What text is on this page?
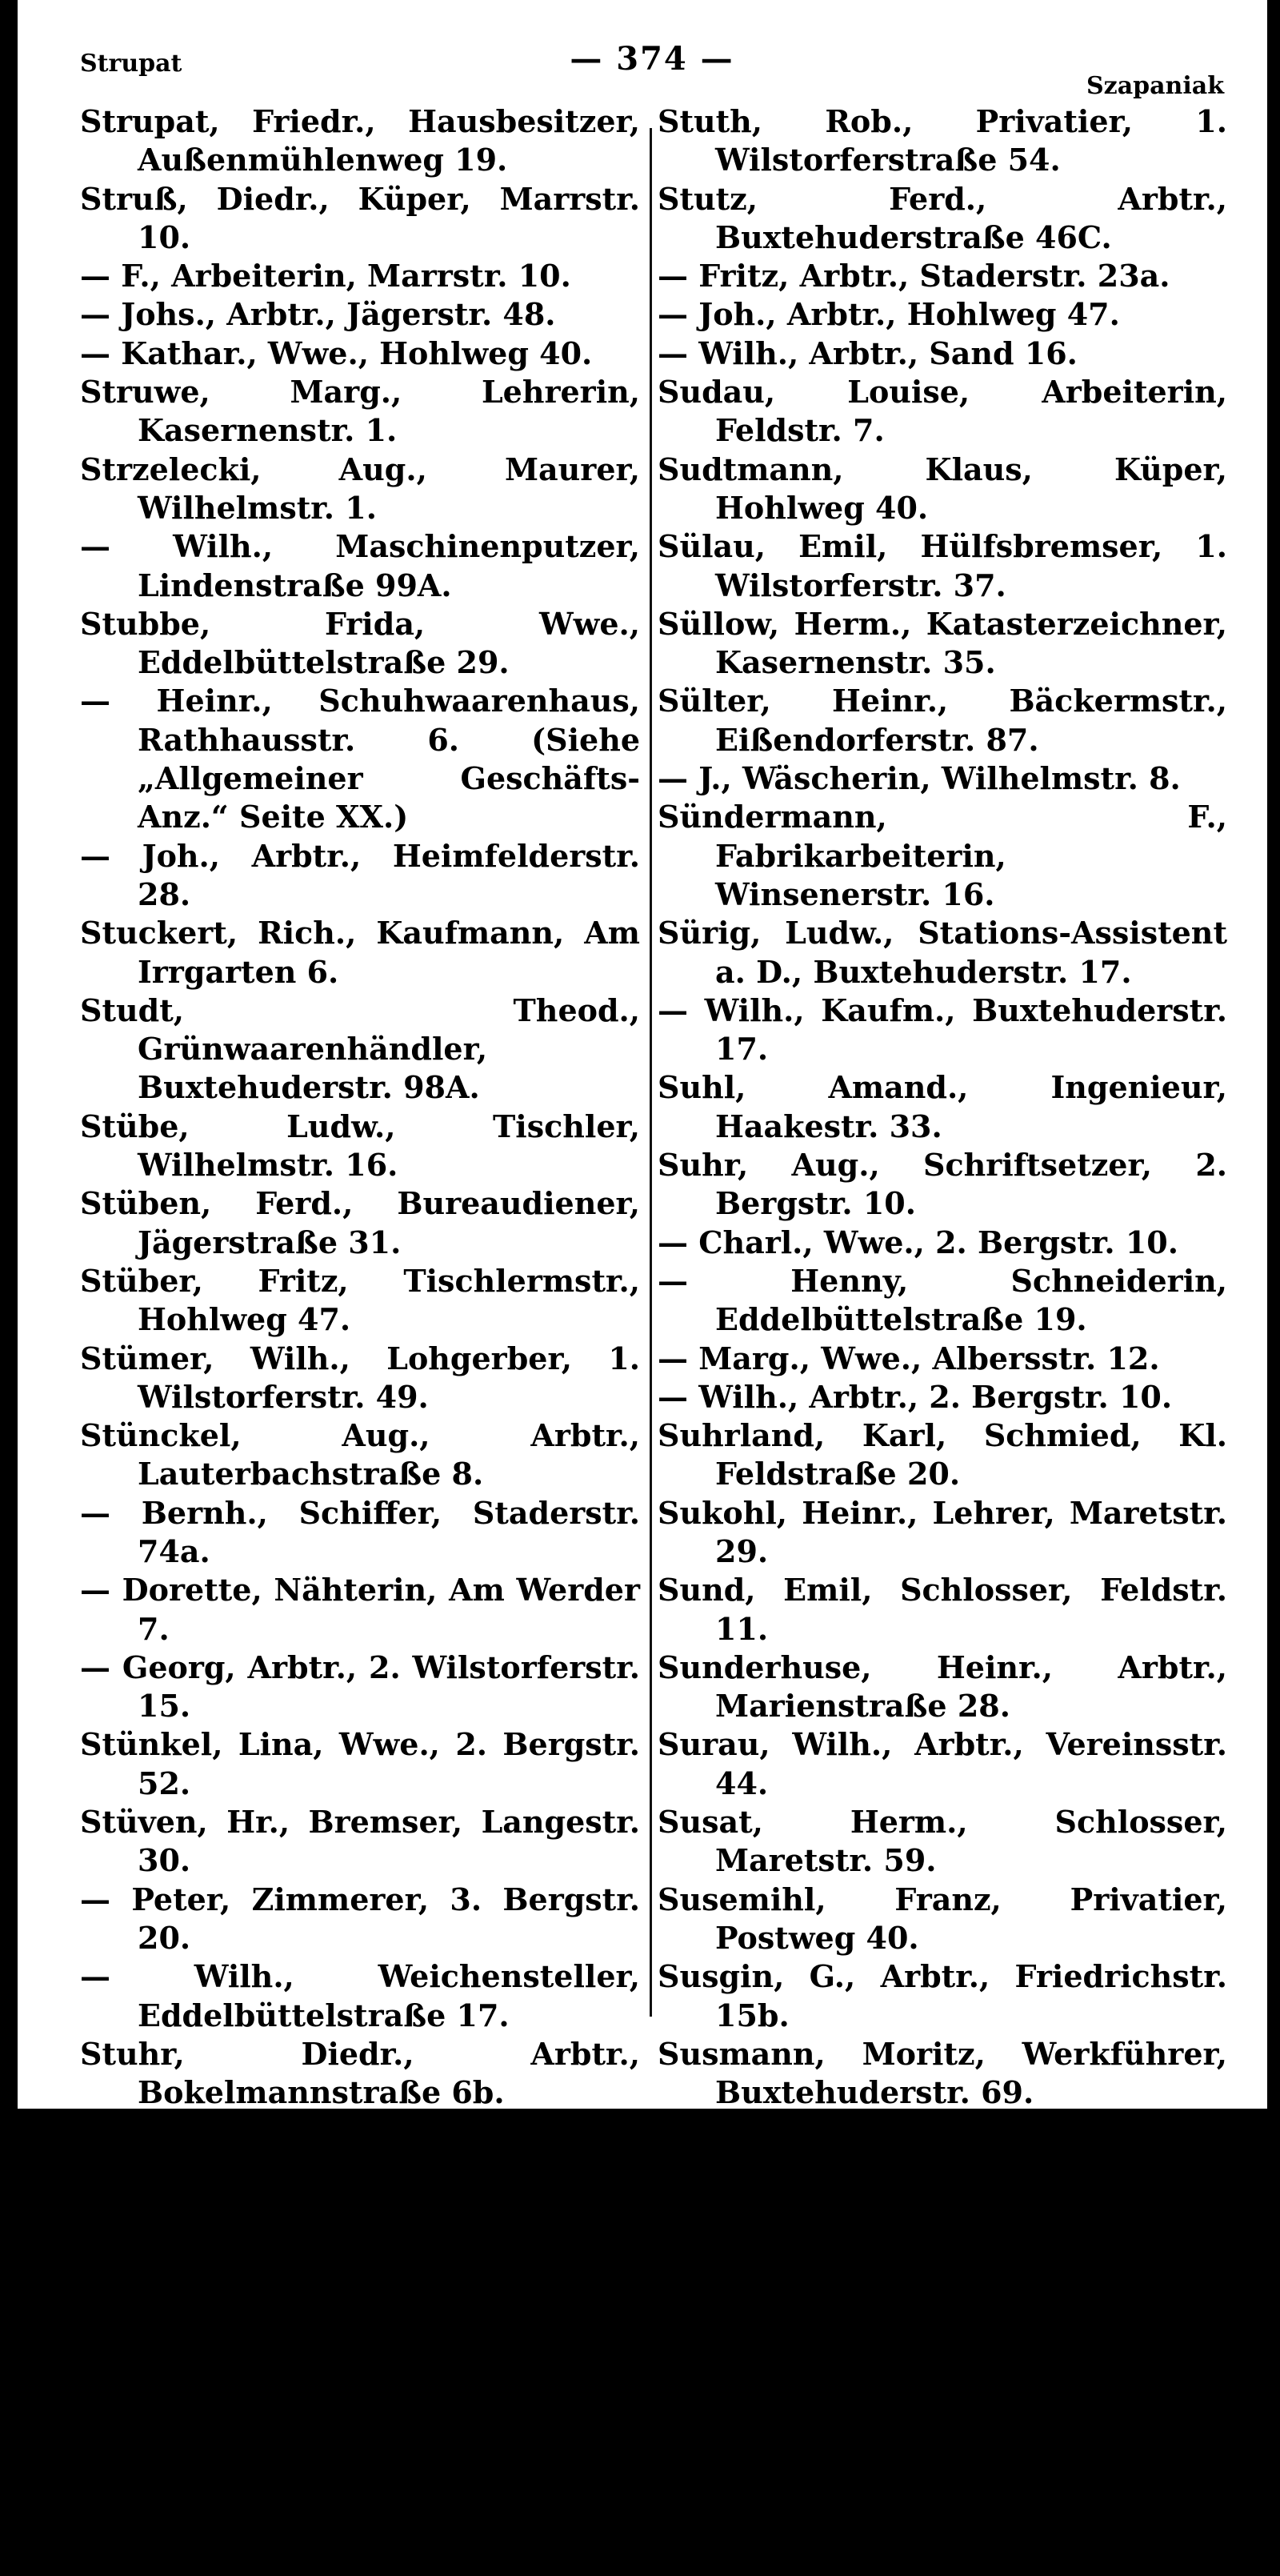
Strupat	— 374 —
Szapaniak
Strupat, Friedr., Hausbesitzer, Außenmühlenweg 19.
Struß, Diedr., Küper, Marrstr. 10.
— F., Arbeiterin, Marrstr. 10.
— Johs., Arbtr., Jägerstr. 48.
— Kathar., Wwe., Hohlweg 40.
Struwe, Marg., Lehrerin, Kasernenstr. 1.
Strzelecki, Aug., Maurer, Wilhelmstr. 1.
— Wilh., Maschinenputzer, Lindenstraße 99A.
Stubbe, Frida, Wwe., Eddelbüttelstraße 29.
— Heinr., Schuhwaarenhaus, Rathhausstr. 6. (Siehe „Allgemeiner Geschäfts-Anz.“ Seite XX.)
— Joh., Arbtr., Heimfelderstr. 28.
Stuckert, Rich., Kaufmann, Am Irrgarten 6.
Studt, Theod., Grünwaarenhändler, Buxtehuderstr. 98A.
Stübe, Ludw., Tischler, Wilhelmstr. 16.
Stüben, Ferd., Bureaudiener, Jägerstraße 31.
Stüber, Fritz, Tischlermstr., Hohlweg 47.
Stümer, Wilh., Lohgerber, 1. Wilstorferstr. 49.
Stünckel, Aug., Arbtr., Lauterbachstraße 8.
— Bernh., Schiffer, Staderstr. 74a.
— Dorette, Nähterin, Am Werder 7.
— Georg, Arbtr., 2. Wilstorferstr. 15.
Stünkel, Lina, Wwe., 2. Bergstr. 52.
Stüven, Hr., Bremser, Langestr. 30.
— Peter, Zimmerer, 3. Bergstr. 20.
— Wilh., Weichensteller, Eddelbüttelstraße 17.
Stuhr, Diedr., Arbtr., Bokelmannstraße 6b.
Stuke, Louise, Nähterin, Schloßstr. 43.
Sturat, Gust., Arbtr., Geradestr. 1.
Stute, Friedr., Buchdrucker, Reeseberg 19.
— Heinr., Arbtr., 3. Twiete 4.
Stutenberg, Gust., Werkführer, Friedrichstr. 2.
— Heinr., Arbtr., Schloßstr. 27.
Stuth, Herm., Schiffer, Elbdeich 8.
Stuth, Rob., Privatier, 1. Wilstorferstraße 54.
Stutz, Ferd., Arbtr., Buxtehuderstraße 46C.
— Fritz, Arbtr., Staderstr. 23a.
— Joh., Arbtr., Hohlweg 47.
— Wilh., Arbtr., Sand 16.
Sudau, Louise, Arbeiterin, Feldstr. 7.
Sudtmann, Klaus, Küper, Hohlweg 40.
Sülau, Emil, Hülfsbremser, 1. Wilstorferstr. 37.
Süllow, Herm., Katasterzeichner, Kasernenstr. 35.
Sülter, Heinr., Bäckermstr., Eißendorferstr. 87.
— J., Wäscherin, Wilhelmstr. 8.
Sündermann, F., Fabrikarbeiterin, Winsenerstr. 16.
Sürig, Ludw., Stations-Assistent a. D., Buxtehuderstr. 17.
— Wilh., Kaufm., Buxtehuderstr. 17.
Suhl, Amand., Ingenieur, Haakestr. 33.
Suhr, Aug., Schriftsetzer, 2. Bergstr. 10.
— Charl., Wwe., 2. Bergstr. 10.
— Henny, Schneiderin, Eddelbüttelstraße 19.
— Marg., Wwe., Albersstr. 12.
— Wilh., Arbtr., 2. Bergstr. 10.
Suhrland, Karl, Schmied, Kl. Feldstraße 20.
Sukohl, Heinr., Lehrer, Maretstr. 29.
Sund, Emil, Schlosser, Feldstr. 11.
Sunderhuse, Heinr., Arbtr., Marienstraße 28.
Surau, Wilh., Arbtr., Vereinsstr. 44.
Susat, Herm., Schlosser, Maretstr. 59.
Susemihl, Franz, Privatier, Postweg 40.
Susgin, G., Arbtr., Friedrichstr. 15b.
Susmann, Moritz, Werkführer, Buxtehuderstr. 69.
Sussiek, Aug., Arbtr., 2. Bergstr. 18.
Swenson, Gust., Arbtr., Wiesenstr. 16.
— Gust., Fabrikarbtr., Kurzestr. 3.
— Samuel, Arbtr., Holzweg 44A.
Synagoge, Eißendorferstr. 15.
Szagun, Wilh., Arbtr., Liebrechtstr. 44.
Szapaniak, Josef, Fabrikarbtr., Niemannstr. 10a.
